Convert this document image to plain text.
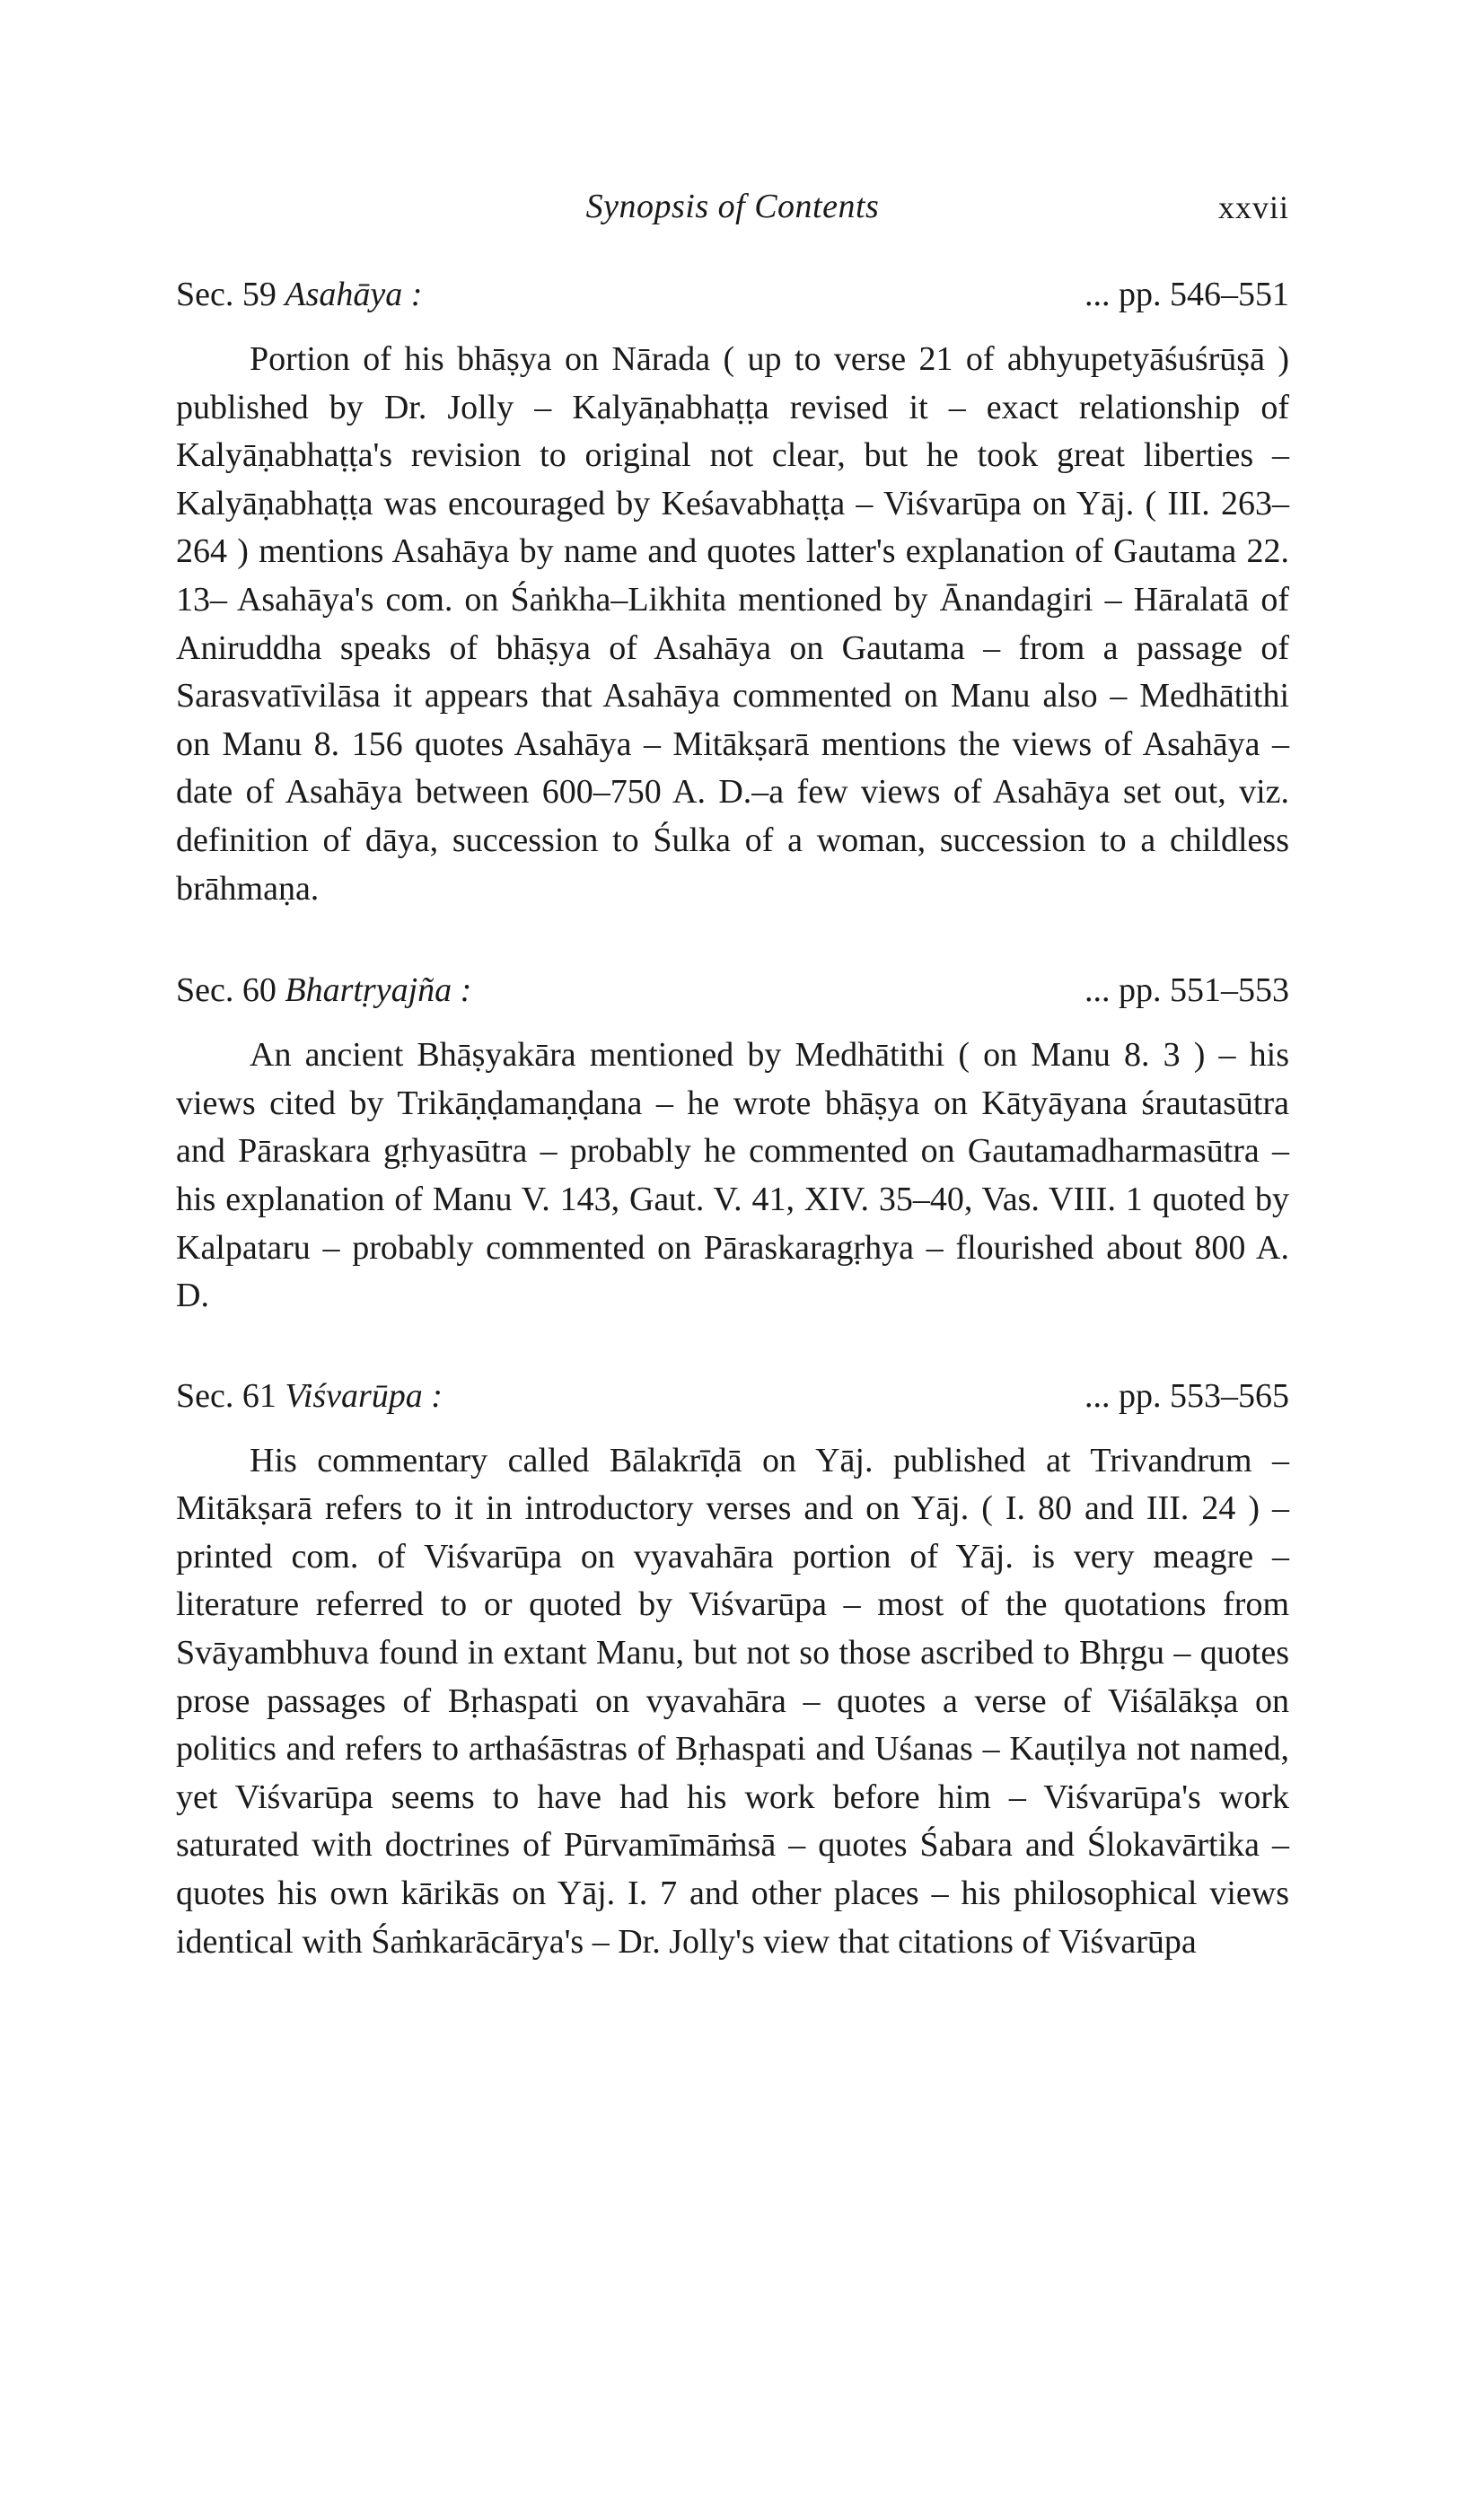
Synopsis of Contents	xxvii
Sec. 59 Asahāya :	... pp. 546–551
Portion of his bhāṣya on Nārada ( up to verse 21 of abhyupetyāśuśrūṣā ) published by Dr. Jolly – Kalyāṇabhaṭṭa revised it – exact relationship of Kalyāṇabhaṭṭa's revision to original not clear, but he took great liberties – Kalyāṇabhaṭṭa was encouraged by Keśavabhaṭṭa – Viśvarūpa on Yāj. ( III. 263–264 ) mentions Asahāya by name and quotes latter's explanation of Gautama 22. 13– Asahāya's com. on Śaṅkha–Likhita mentioned by Ānandagiri – Hāralatā of Aniruddha speaks of bhāṣya of Asahāya on Gautama – from a passage of Sarasvatīvilāsa it appears that Asahāya commented on Manu also – Medhātithi on Manu 8. 156 quotes Asahāya – Mitākṣarā mentions the views of Asahāya – date of Asahāya between 600–750 A. D.–a few views of Asahāya set out, viz. definition of dāya, succession to Śulka of a woman, succession to a childless brāhmaṇa.
Sec. 60 Bhartṛyajña :	... pp. 551–553
An ancient Bhāṣyakāra mentioned by Medhātithi ( on Manu 8. 3 ) – his views cited by Trikāṇḍamaṇḍana – he wrote bhāṣya on Kātyāyana śrautasūtra and Pāraskara gṛhyasūtra – probably he commented on Gautamadharmasūtra – his explanation of Manu V. 143, Gaut. V. 41, XIV. 35–40, Vas. VIII. 1 quoted by Kalpataru – probably commented on Pāraskaragṛhya – flourished about 800 A. D.
Sec. 61 Viśvarūpa :	... pp. 553–565
His commentary called Bālakrīḍā on Yāj. published at Trivandrum – Mitākṣarā refers to it in introductory verses and on Yāj. ( I. 80 and III. 24 ) – printed com. of Viśvarūpa on vyavahāra portion of Yāj. is very meagre – literature referred to or quoted by Viśvarūpa – most of the quotations from Svāyambhuva found in extant Manu, but not so those ascribed to Bhṛgu – quotes prose passages of Bṛhaspati on vyavahāra – quotes a verse of Viśālākṣa on politics and refers to arthaśāstras of Bṛhaspati and Uśanas – Kauṭilya not named, yet Viśvarūpa seems to have had his work before him – Viśvarūpa's work saturated with doctrines of Pūrvamīmāṁsā – quotes Śabara and Ślokavārtika – quotes his own kārikās on Yāj. I. 7 and other places – his philosophical views identical with Śaṁkarācārya's – Dr. Jolly's view that citations of Viśvarūpa
